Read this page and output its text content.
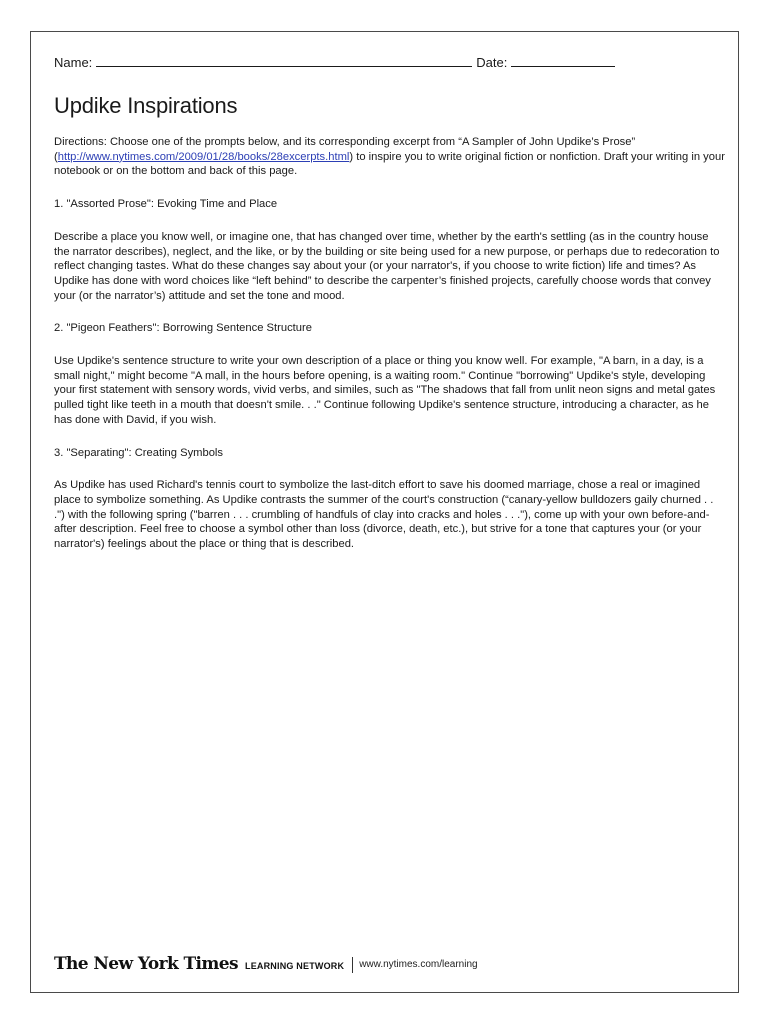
Name:	Date:
Updike Inspirations

Directions: Choose one of the prompts below, and its corresponding excerpt from “A Sampler of John Updike’s Prose” (http://www.nytimes.com/2009/01/28/books/28excerpts.html) to inspire you to write original fiction or nonfiction. Draft your writing in your notebook or on the bottom and back of this page.

1. "Assorted Prose": Evoking Time and Place

Describe a place you know well, or imagine one, that has changed over time, whether by the earth's settling (as in the country house the narrator describes), neglect, and the like, or by the building or site being used for a new purpose, or perhaps due to redecoration to reflect changing tastes. What do these changes say about your (or your narrator's, if you choose to write fiction) life and times? As Updike has done with word choices like “left behind” to describe the carpenter’s finished projects, carefully choose words that convey your (or the narrator’s) attitude and set the tone and mood.

2. "Pigeon Feathers": Borrowing Sentence Structure

Use Updike's sentence structure to write your own description of a place or thing you know well. For example, "A barn, in a day, is a small night," might become "A mall, in the hours before opening, is a waiting room." Continue "borrowing" Updike's style, developing your first statement with sensory words, vivid verbs, and similes, such as "The shadows that fall from unlit neon signs and metal gates pulled tight like teeth in a mouth that doesn't smile. . ." Continue following Updike's sentence structure, introducing a character, as he has done with David, if you wish.

3. "Separating": Creating Symbols

As Updike has used Richard's tennis court to symbolize the last-ditch effort to save his doomed marriage, chose a real or imagined place to symbolize something. As Updike contrasts the summer of the court's construction (“canary-yellow bulldozers gaily churned . . .") with the following spring ("barren . . . crumbling of handfuls of clay into cracks and holes . . ."), come up with your own before-and-after description. Feel free to choose a symbol other than loss (divorce, death, etc.), but strive for a tone that captures your (or your narrator's) feelings about the place or thing that is described.

The New York Times LEARNING NETWORK www.nytimes.com/learning
